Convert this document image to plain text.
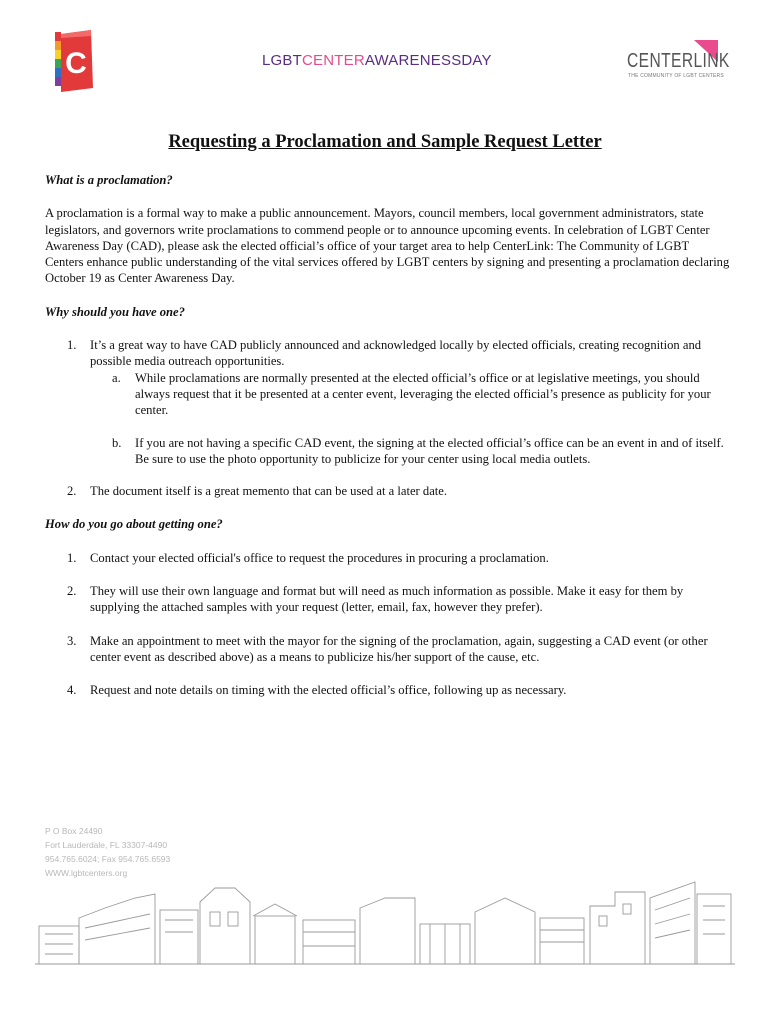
C	LGBTCENTERAWARENESSDAY	CENTERLINK
THE COMMUNITY OF LGBT CENTERS
Requesting a Proclamation and Sample Request Letter

What is a proclamation?

A proclamation is a formal way to make a public announcement. Mayors, council members, local government administrators, state legislators, and governors write proclamations to commend people or to announce upcoming events. In celebration of LGBT Center Awareness Day (CAD), please ask the elected official’s office of your target area to help CenterLink: The Community of LGBT Centers enhance public understanding of the vital services offered by LGBT centers by signing and presenting a proclamation declaring October 19 as Center Awareness Day.

Why should you have one?

1. It’s a great way to have CAD publicly announced and acknowledged locally by elected officials, creating recognition and possible media outreach opportunities.
a. While proclamations are normally presented at the elected official’s office or at legislative meetings, you should always request that it be presented at a center event, leveraging the elected official’s presence as publicity for your center.
b. If you are not having a specific CAD event, the signing at the elected official’s office can be an event in and of itself. Be sure to use the photo opportunity to publicize for your center using local media outlets.
2. The document itself is a great memento that can be used at a later date.

How do you go about getting one?

1. Contact your elected official's office to request the procedures in procuring a proclamation.
2. They will use their own language and format but will need as much information as possible. Make it easy for them by supplying the attached samples with your request (letter, email, fax, however they prefer).
3. Make an appointment to meet with the mayor for the signing of the proclamation, again, suggesting a CAD event (or other center event as described above) as a means to publicize his/her support of the cause, etc.
4. Request and note details on timing with the elected official’s office, following up as necessary.
P O Box 24490
Fort Lauderdale, FL 33307-4490
954.765.6024; Fax 954.765.6593
WWW.lgbtcenters.org
